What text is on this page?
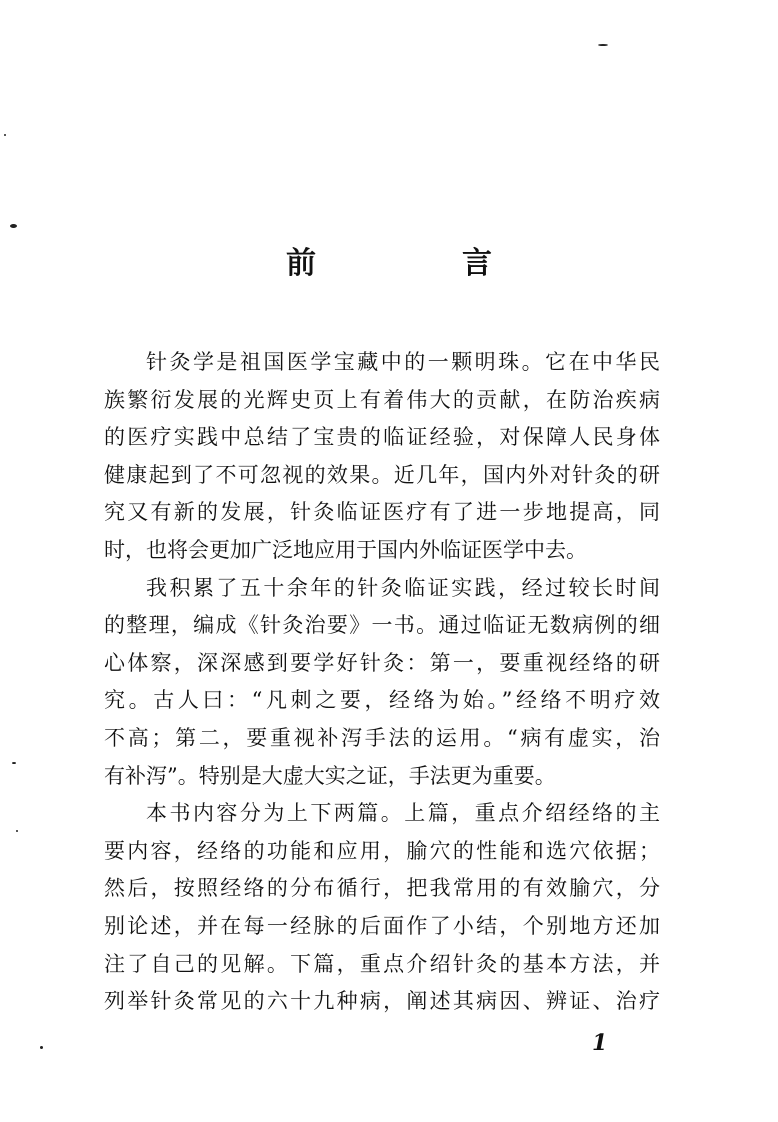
前　言
针灸学是祖国医学宝藏中的一颗明珠。它在中华民
族繁衍发展的光辉史页上有着伟大的贡献，在防治疾病
的医疗实践中总结了宝贵的临证经验，对保障人民身体
健康起到了不可忽视的效果。近几年，国内外对针灸的研
究又有新的发展，针灸临证医疗有了进一步地提高，同
时，也将会更加广泛地应用于国内外临证医学中去。
我积累了五十余年的针灸临证实践，经过较长时间
的整理，编成《针灸治要》一书。通过临证无数病例的细
心体察，深深感到要学好针灸：第一，要重视经络的研
究。古人曰：“凡刺之要，经络为始。”经络不明疗效
不高；第二，要重视补泻手法的运用。“病有虚实，治
有补泻”。特别是大虚大实之证，手法更为重要。
本书内容分为上下两篇。上篇，重点介绍经络的主
要内容，经络的功能和应用，腧穴的性能和选穴依据；
然后，按照经络的分布循行，把我常用的有效腧穴，分
别论述，并在每一经脉的后面作了小结，个别地方还加
注了自己的见解。下篇，重点介绍针灸的基本方法，并
列举针灸常见的六十九种病，阐述其病因、辨证、治疗
1
